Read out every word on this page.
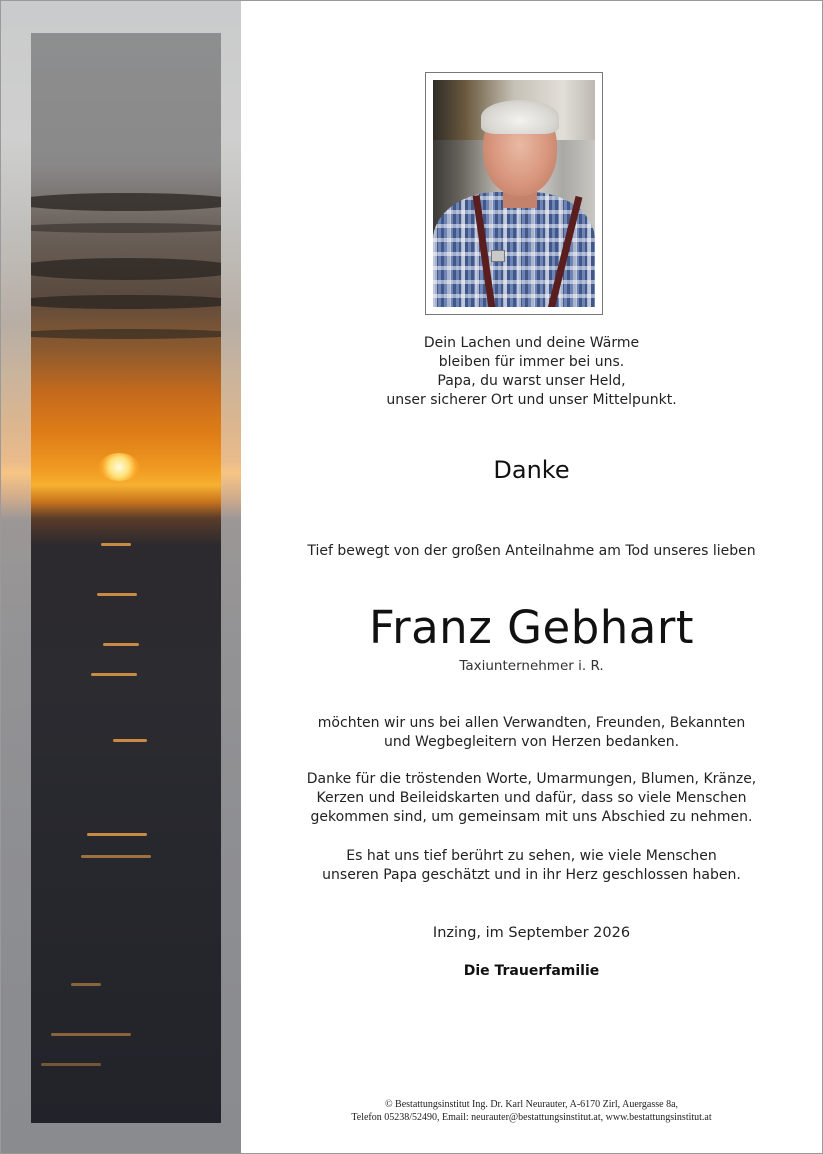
Dein Lachen und deine Wärme
bleiben für immer bei uns.
Papa, du warst unser Held,
unser sicherer Ort und unser Mittelpunkt.
Danke
Tief bewegt von der großen Anteilnahme am Tod unseres lieben
Franz Gebhart
Taxiunternehmer i. R.
möchten wir uns bei allen Verwandten, Freunden, Bekannten
und Wegbegleitern von Herzen bedanken.
Danke für die tröstenden Worte, Umarmungen, Blumen, Kränze,
Kerzen und Beileidskarten und dafür, dass so viele Menschen
gekommen sind, um gemeinsam mit uns Abschied zu nehmen.
Es hat uns tief berührt zu sehen, wie viele Menschen
unseren Papa geschätzt und in ihr Herz geschlossen haben.
Inzing, im September 2026
Die Trauerfamilie
© Bestattungsinstitut Ing. Dr. Karl Neurauter, A-6170 Zirl, Auergasse 8a,
Telefon 05238/52490, Email: neurauter@bestattungsinstitut.at, www.bestattungsinstitut.at
